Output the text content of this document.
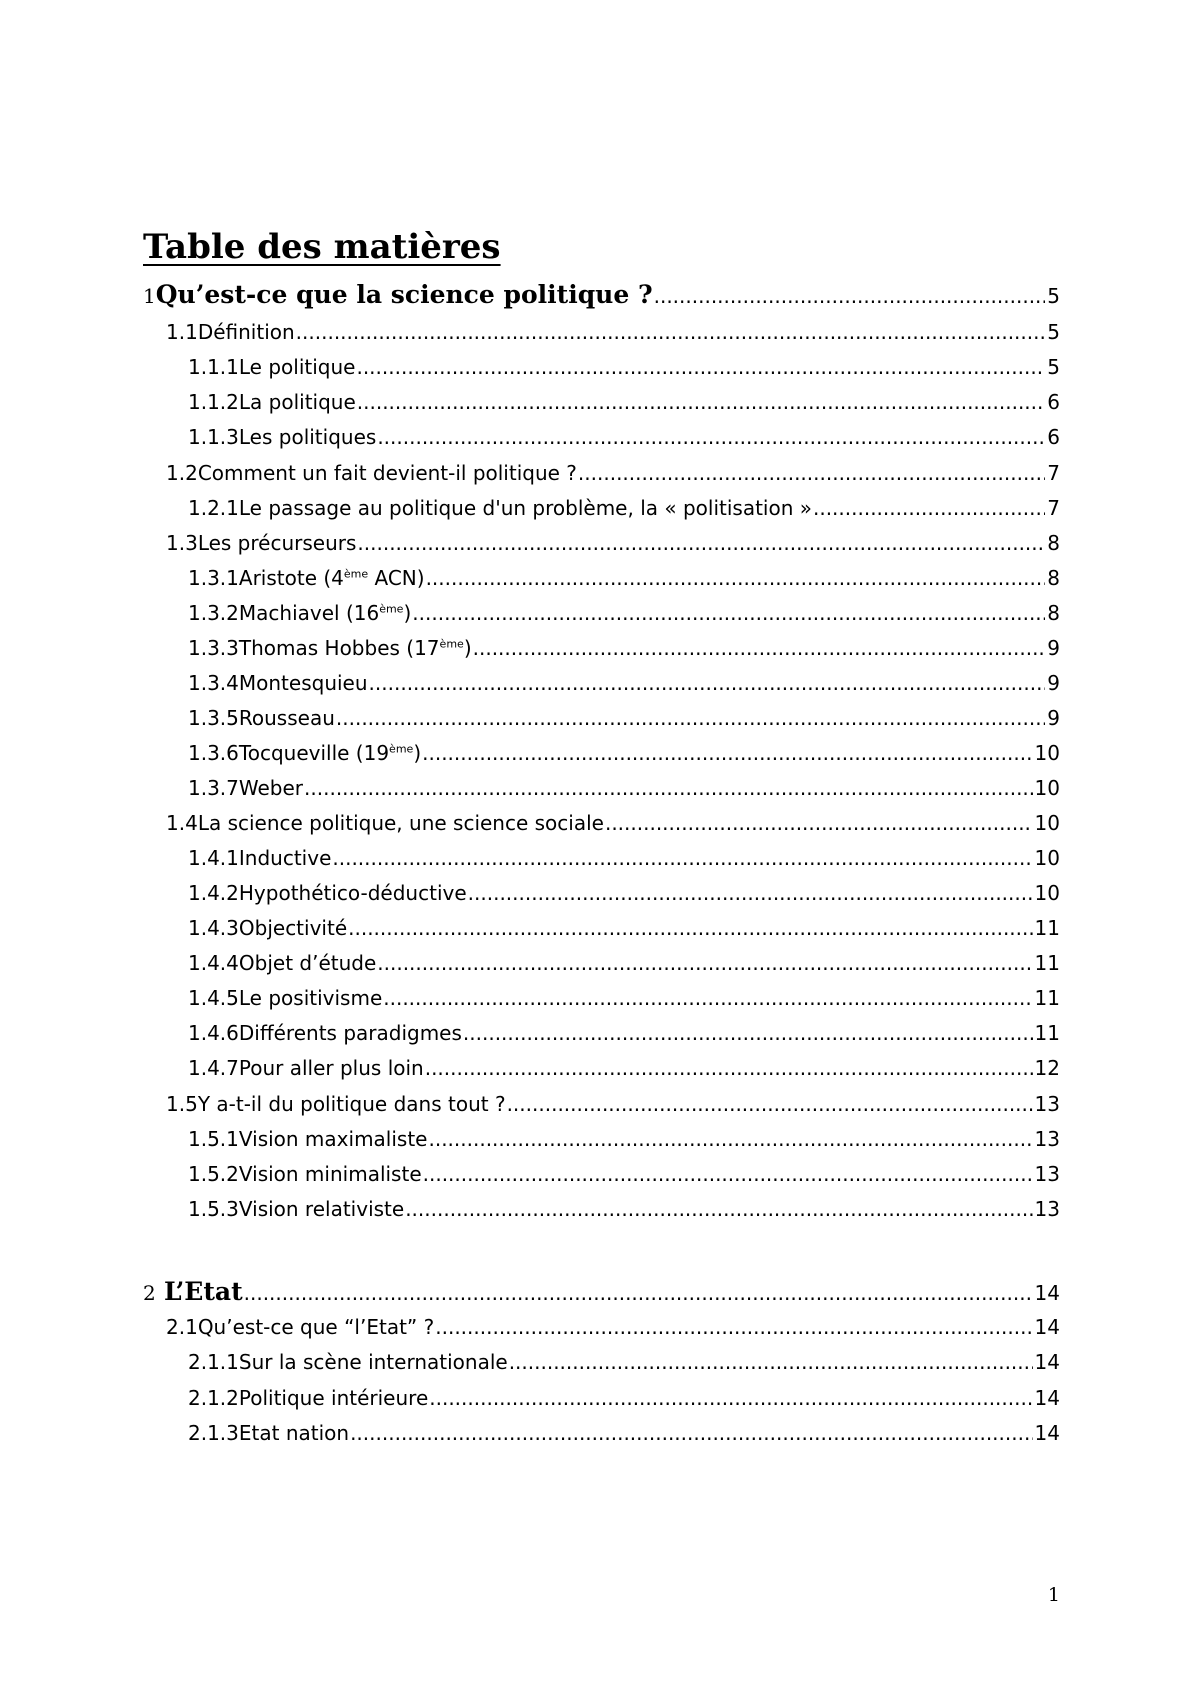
Table des matières
1 Qu’est-ce que la science politique ? .....	5
1.1 Définition .....	5
1.1.1 Le politique .....	5
1.1.2 La politique .....	6
1.1.3 Les politiques .....	6
1.2 Comment un fait devient-il politique ? .....	7
1.2.1 Le passage au politique d'un problème, la « politisation » .....	7
1.3 Les précurseurs .....	8
1.3.1 Aristote (4ème ACN) .....	8
1.3.2 Machiavel (16ème) .....	8
1.3.3 Thomas Hobbes (17ème) .....	9
1.3.4 Montesquieu .....	9
1.3.5 Rousseau .....	9
1.3.6 Tocqueville (19ème) .....	10
1.3.7 Weber .....	10
1.4 La science politique, une science sociale .....	10
1.4.1 Inductive .....	10
1.4.2 Hypothético-déductive .....	10
1.4.3 Objectivité .....	11
1.4.4 Objet d’étude .....	11
1.4.5 Le positivisme .....	11
1.4.6 Différents paradigmes .....	11
1.4.7 Pour aller plus loin .....	12
1.5 Y a-t-il du politique dans tout ? .....	13
1.5.1 Vision maximaliste .....	13
1.5.2 Vision minimaliste .....	13
1.5.3 Vision relativiste .....	13
2 L’Etat .....	14
2.1 Qu’est-ce que “l’Etat” ? .....	14
2.1.1 Sur la scène internationale .....	14
2.1.2 Politique intérieure .....	14
2.1.3 Etat nation .....	14
1
